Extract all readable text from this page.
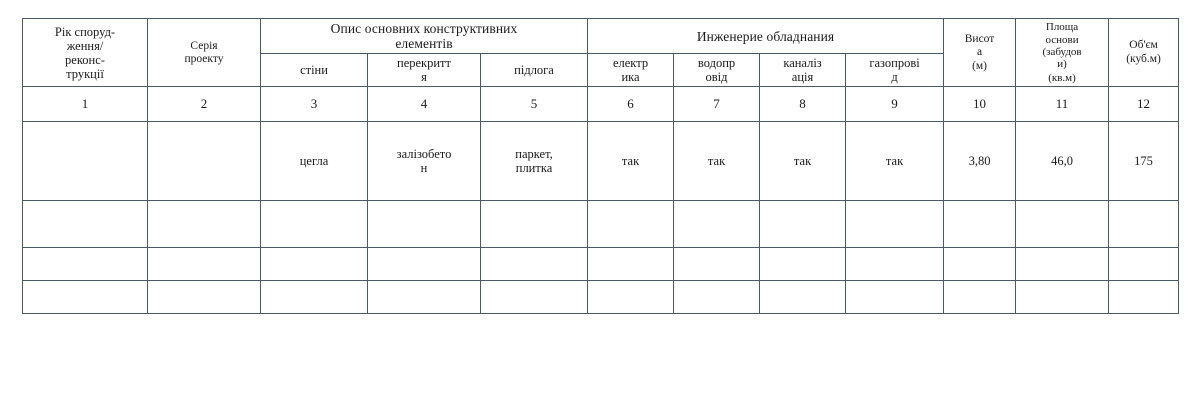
Рік споруд-
ження/
реконс-
трукції	Серія
проекту	Опис основних конструктивних
елементів			Инженерие обладнания				Висот
а
(м)	Площа
основи
(забудов
и)
(кв.м)	Об'єм
(куб.м)

		стіни	перекритт
я	підлога	електр
ика	водопр
овід	каналіз
ація	газопрові
д			

1	2	3	4	5	6	7	8	9	10	11	12
		цегла	залізобето
н	паркет,
плитка	так	так	так	так	3,80	46,0	175
